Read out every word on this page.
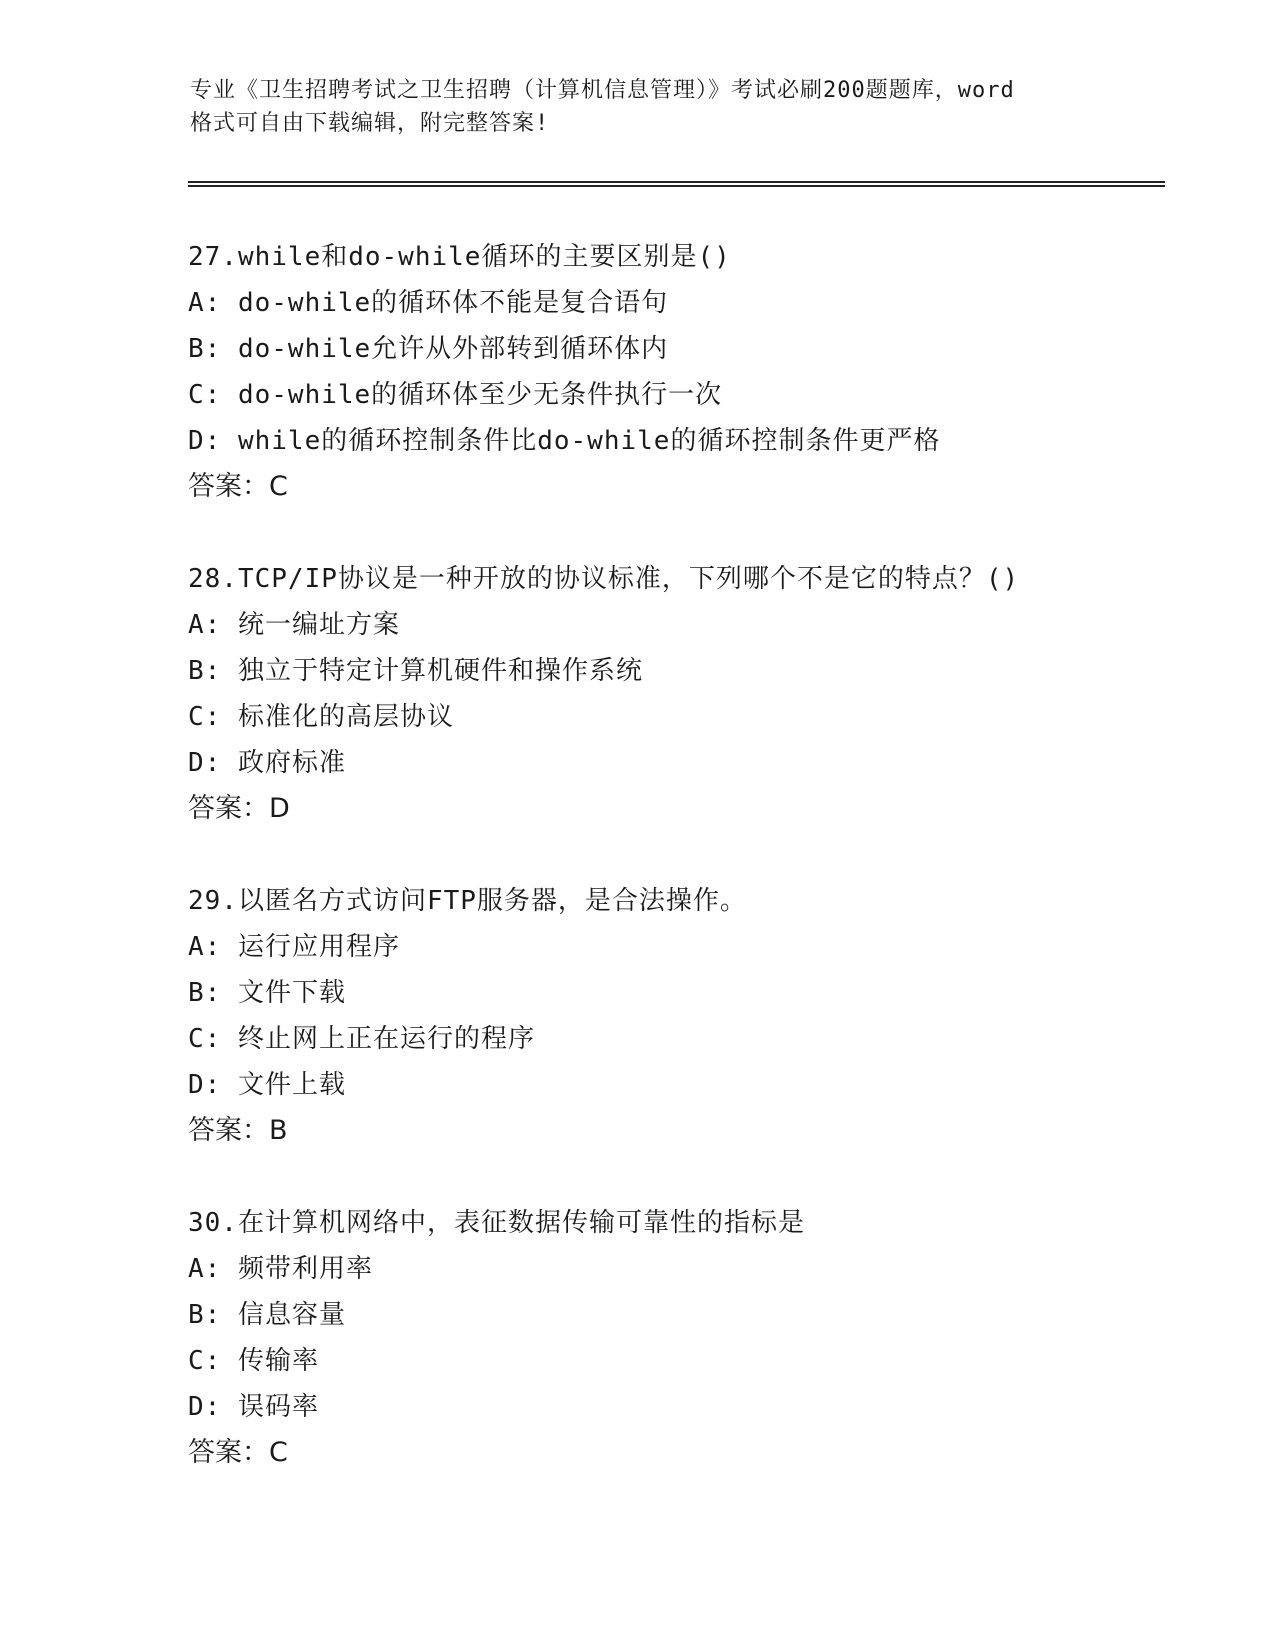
专业《卫生招聘考试之卫生招聘（计算机信息管理）》考试必刷200题题库，word
格式可自由下载编辑，附完整答案!
27.while和do-while循环的主要区别是()
A: do-while的循环体不能是复合语句
B: do-while允许从外部转到循环体内
C: do-while的循环体至少无条件执行一次
D: while的循环控制条件比do-while的循环控制条件更严格
答案：C
28.TCP/IP协议是一种开放的协议标准，下列哪个不是它的特点？()
A: 统一编址方案
B: 独立于特定计算机硬件和操作系统
C: 标准化的高层协议
D: 政府标准
答案：D
29.以匿名方式访问FTP服务器，是合法操作。
A: 运行应用程序
B: 文件下载
C: 终止网上正在运行的程序
D: 文件上载
答案：B
30.在计算机网络中，表征数据传输可靠性的指标是
A: 频带利用率
B: 信息容量
C: 传输率
D: 误码率
答案：C
